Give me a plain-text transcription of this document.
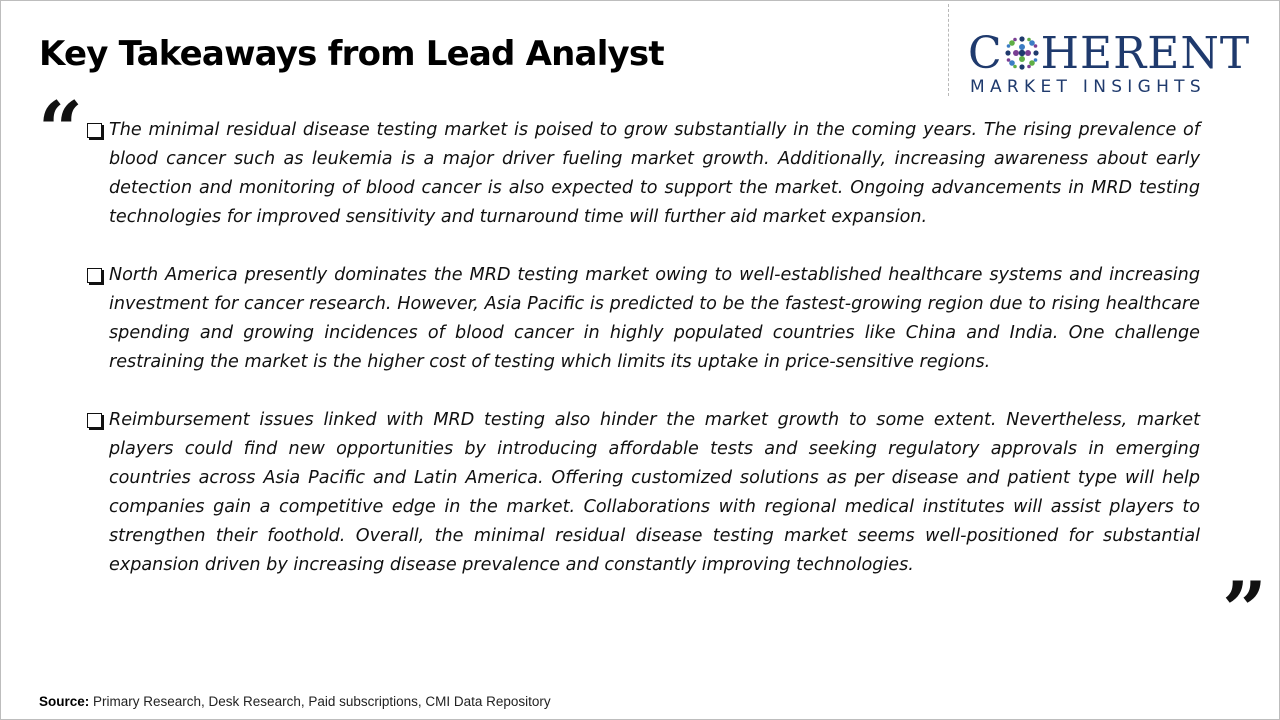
Key Takeaways from Lead Analyst	C HERENT
MARKET INSIGHTS
“	The minimal residual disease testing market is poised to grow substantially in the coming years. The rising prevalence of blood cancer such as leukemia is a major driver fueling market growth. Additionally, increasing awareness about early detection and monitoring of blood cancer is also expected to support the market. Ongoing advancements in MRD testing technologies for improved sensitivity and turnaround time will further aid market expansion.

North America presently dominates the MRD testing market owing to well-established healthcare systems and increasing investment for cancer research. However, Asia Pacific is predicted to be the fastest-growing region due to rising healthcare spending and growing incidences of blood cancer in highly populated countries like China and India. One challenge restraining the market is the higher cost of testing which limits its uptake in price-sensitive regions.

Reimbursement issues linked with MRD testing also hinder the market growth to some extent. Nevertheless, market players could find new opportunities by introducing affordable tests and seeking regulatory approvals in emerging countries across Asia Pacific and Latin America. Offering customized solutions as per disease and patient type will help companies gain a competitive edge in the market. Collaborations with regional medical institutes will assist players to strengthen their foothold. Overall, the minimal residual disease testing market seems well-positioned for substantial expansion driven by increasing disease prevalence and constantly improving technologies.	”
Source: Primary Research, Desk Research, Paid subscriptions, CMI Data Repository
